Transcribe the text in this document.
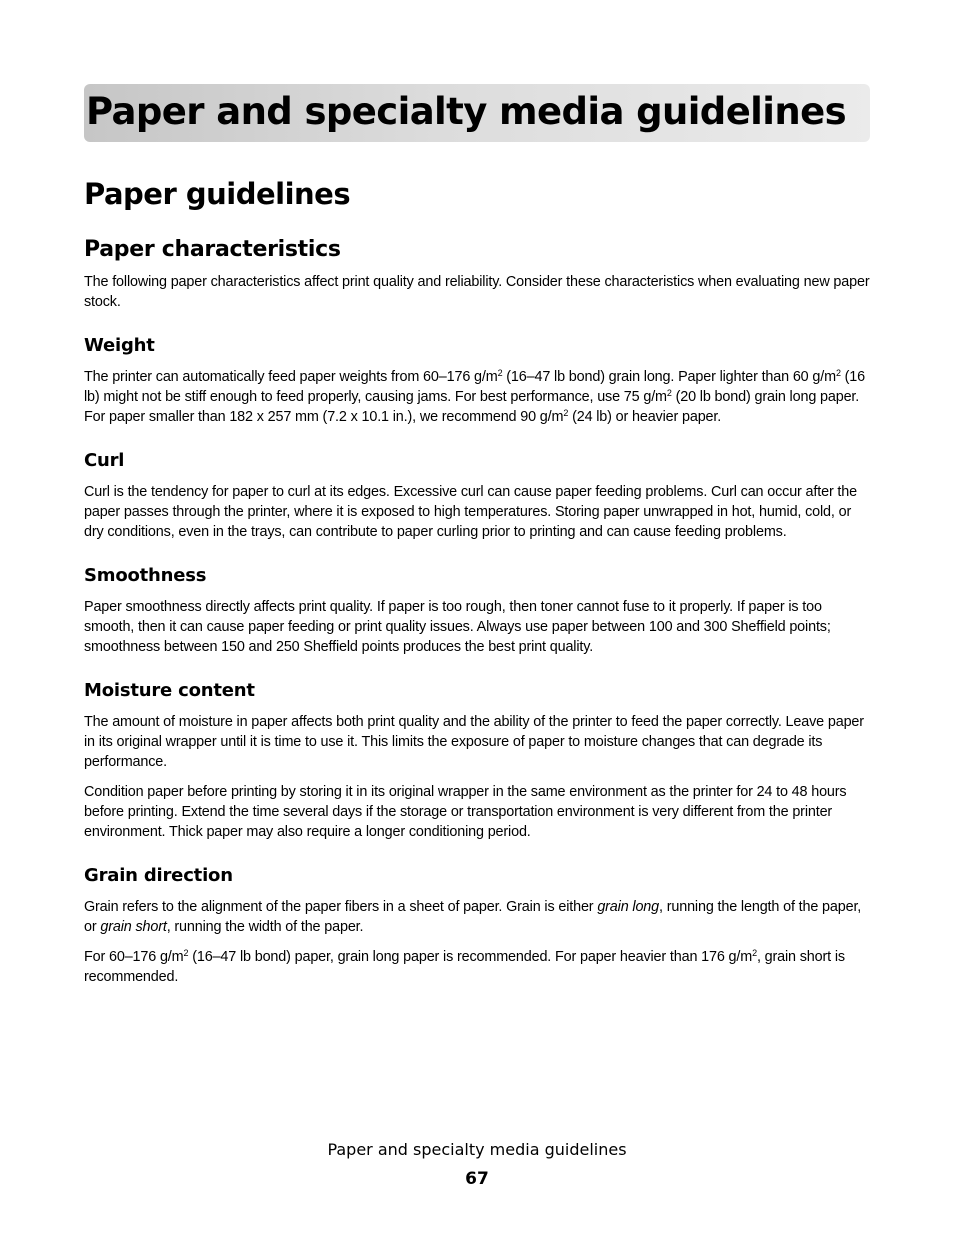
Paper and specialty media guidelines
Paper guidelines
Paper characteristics

The following paper characteristics affect print quality and reliability. Consider these characteristics when evaluating new paper stock.

Weight

The printer can automatically feed paper weights from 60–176 $g/m^2$ (16–47 lb bond) grain long. Paper lighter than 60 $g/m^2$ (16 lb) might not be stiff enough to feed properly, causing jams. For best performance, use 75 $g/m^2$ (20 lb bond) grain long paper. For paper smaller than 182 x 257 mm (7.2 x 10.1 in.), we recommend 90 $g/m^2$ (24 lb) or heavier paper.

Curl

Curl is the tendency for paper to curl at its edges. Excessive curl can cause paper feeding problems. Curl can occur after the paper passes through the printer, where it is exposed to high temperatures. Storing paper unwrapped in hot, humid, cold, or dry conditions, even in the trays, can contribute to paper curling prior to printing and can cause feeding problems.

Smoothness

Paper smoothness directly affects print quality. If paper is too rough, then toner cannot fuse to it properly. If paper is too smooth, then it can cause paper feeding or print quality issues. Always use paper between 100 and 300 Sheffield points; smoothness between 150 and 250 Sheffield points produces the best print quality.

Moisture content

The amount of moisture in paper affects both print quality and the ability of the printer to feed the paper correctly. Leave paper in its original wrapper until it is time to use it. This limits the exposure of paper to moisture changes that can degrade its performance.

Condition paper before printing by storing it in its original wrapper in the same environment as the printer for 24 to 48 hours before printing. Extend the time several days if the storage or transportation environment is very different from the printer environment. Thick paper may also require a longer conditioning period.

Grain direction

Grain refers to the alignment of the paper fibers in a sheet of paper. Grain is either grain long, running the length of the paper, or grain short, running the width of the paper.

For 60–176 $g/m^2$ (16–47 lb bond) paper, grain long paper is recommended. For paper heavier than 176 $g/m^2$, grain short is recommended.

Paper and specialty media guidelines
67
